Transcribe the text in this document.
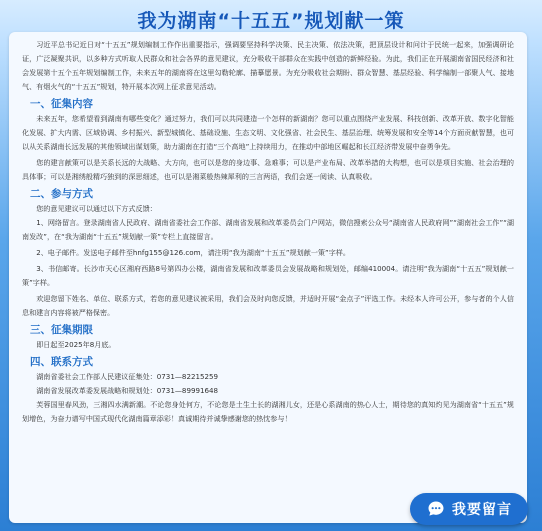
我为湖南“十五五”规划献一策

习近平总书记近日对“十五五”规划编制工作作出重要指示，强调要坚持科学决策、民主决策、依法决策，把顶层设计和问计于民统一起来，加强调研论证，广泛凝聚共识，以多种方式听取人民群众和社会各界的意见建议，充分吸收干部群众在实践中创造的新鲜经验。为此，我们正在开展湖南省国民经济和社会发展第十五个五年规划编制工作，未来五年的湖南将在这里勾勒轮廓、描摹愿景。为充分吸收社会期盼、群众智慧、基层经验、科学编制一部聚人气、接地气、有烟火气的“十五五”规划，特开展本次网上征求意见活动。

一、征集内容

未来五年，您希望看到湖南有哪些变化？通过努力，我们可以共同建造一个怎样的新湖南？您可以重点围绕产业发展、科技创新、改革开放、数字化智能化发展、扩大内需、区域协调、乡村振兴、新型城镇化、基础设施、生态文明、文化强省、社会民生、基层治理、统筹发展和安全等14个方面贡献智慧，也可以从关系湖南长远发展的其他领域出谋划策，助力湖南在打造“三个高地”上持续用力，在推动中部地区崛起和长江经济带发展中奋勇争先。

您的建言献策可以是关系长远的大战略、大方向，也可以是您的身边事、急难事；可以是产业布局、改革举措的大构想，也可以是项目实施、社会治理的具体事；可以是湘绣般精巧独到的深思细述，也可以是湘菜般热辣犀利的三言两语，我们会逐一阅读、认真吸收。

二、参与方式

您的意见建议可以通过以下方式反馈：

1、网络留言。登录湖南省人民政府、湖南省委社会工作部、湖南省发展和改革委员会门户网站，微信搜索公众号“湖南省人民政府网”“湖南社会工作”“湖南发改”，在“我为湖南“十五五”规划献一策”专栏上直接留言。

2、电子邮件。发送电子邮件至hnfg155@126.com，请注明“我为湖南“十五五”规划献一策”字样。

3、书信邮寄。长沙市天心区湘府西路8号第四办公楼，湖南省发展和改革委员会发展战略和规划处，邮编410004。请注明“我为湖南“十五五”规划献一策”字样。

欢迎您留下姓名、单位、联系方式，若您的意见建议被采用，我们会及时向您反馈，并适时开展“金点子”评选工作。未经本人许可公开，参与者的个人信息和建言内容将被严格保密。

三、征集期限

即日起至2025年8月底。

四、联系方式

湖南省委社会工作部人民建议征集处：0731—82215259

湖南省发展改革委发展战略和规划处：0731—89991648

芙蓉国里春风劲，三湘四水满新潮。不论您身处何方，不论您是土生土长的湖湘儿女，还是心系湖南的热心人士，期待您的真知灼见为湖南省“十五五”规划增色，为奋力谱写中国式现代化湖南篇章添彩！真诚期待并诚挚感谢您的热忱参与！

我要留言
